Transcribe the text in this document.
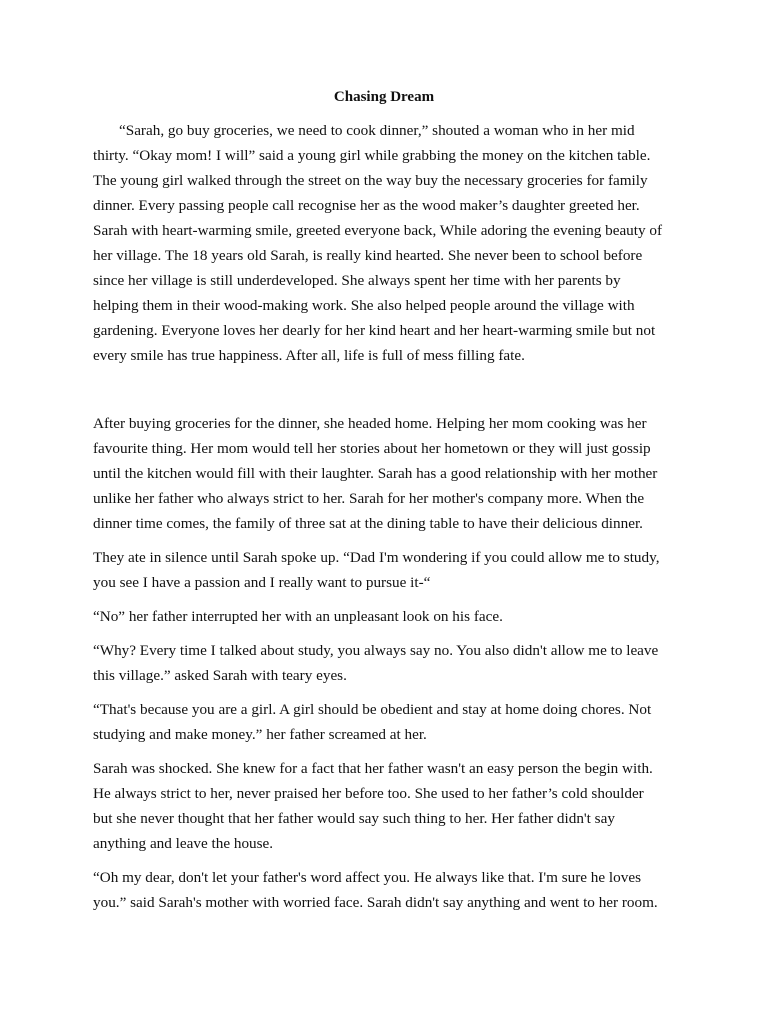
Chasing Dream

“Sarah, go buy groceries, we need to cook dinner,” shouted a woman who in her mid
thirty. “Okay mom! I will” said a young girl while grabbing the money on the kitchen table.
The young girl walked through the street on the way buy the necessary groceries for family
dinner. Every passing people call recognise her as the wood maker’s daughter greeted her.
Sarah with heart-warming smile, greeted everyone back, While adoring the evening beauty of
her village. The 18 years old Sarah, is really kind hearted. She never been to school before
since her village is still underdeveloped. She always spent her time with her parents by
helping them in their wood-making work. She also helped people around the village with
gardening. Everyone loves her dearly for her kind heart and her heart-warming smile but not
every smile has true happiness. After all, life is full of mess filling fate.

After buying groceries for the dinner, she headed home. Helping her mom cooking was her
favourite thing. Her mom would tell her stories about her hometown or they will just gossip
until the kitchen would fill with their laughter. Sarah has a good relationship with her mother
unlike her father who always strict to her. Sarah for her mother's company more. When the
dinner time comes, the family of three sat at the dining table to have their delicious dinner.

They ate in silence until Sarah spoke up. “Dad I'm wondering if you could allow me to study,
you see I have a passion and I really want to pursue it-“

“No” her father interrupted her with an unpleasant look on his face.

“Why? Every time I talked about study, you always say no. You also didn't allow me to leave
this village.” asked Sarah with teary eyes.

“That's because you are a girl. A girl should be obedient and stay at home doing chores. Not
studying and make money.” her father screamed at her.

Sarah was shocked. She knew for a fact that her father wasn't an easy person the begin with.
He always strict to her, never praised her before too. She used to her father’s cold shoulder
but she never thought that her father would say such thing to her. Her father didn't say
anything and leave the house.

“Oh my dear, don't let your father's word affect you. He always like that. I'm sure he loves
you.” said Sarah's mother with worried face. Sarah didn't say anything and went to her room.
